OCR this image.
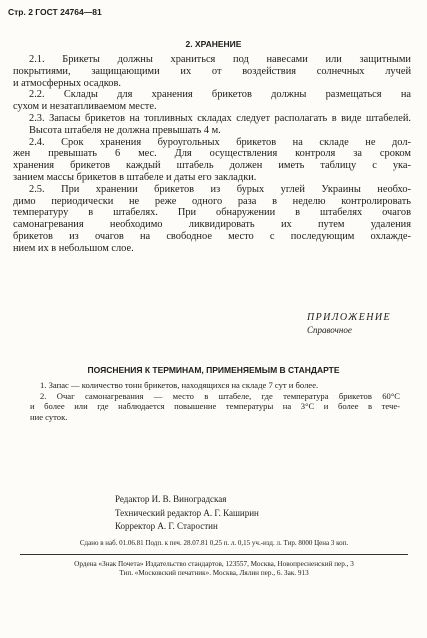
Стр. 2 ГОСТ 24764—81
2. ХРАНЕНИЕ
2.1. Брикеты должны храниться под навесами или защитными
покрытиями, защищающими их от воздействия солнечных лучей
и атмосферных осадков.
2.2. Склады для хранения брикетов должны размещаться на
сухом и незатапливаемом месте.
2.3. Запасы брикетов на топливных складах следует располагать в виде штабелей. Высота штабеля не должна превышать 4 м.
2.4. Срок хранения буроугольных брикетов на складе не дол-
жен превышать 6 мес. Для осуществления контроля за сроком
хранения брикетов каждый штабель должен иметь таблицу с ука-
занием массы брикетов в штабеле и даты его закладки.
2.5. При хранении брикетов из бурых углей Украины необхо-
димо периодически не реже одного раза в неделю контролировать
температуру в штабелях. При обнаружении в штабелях очагов
самонагревания необходимо ликвидировать их путем удаления
брикетов из очагов на свободное место с последующим охлажде-
нием их в небольшом слое.
ПРИЛОЖЕНИЕ
Справочное
ПОЯСНЕНИЯ К ТЕРМИНАМ, ПРИМЕНЯЕМЫМ В СТАНДАРТЕ
1. Запас — количество тонн брикетов, находящихся на складе 7 сут и более.
2. Очаг самонагревания — место в штабеле, где температура брикетов 60°С
и более или где наблюдается повышение температуры на 3°С и более в тече-
ние суток.
Редактор И. В. Виноградская
Технический редактор А. Г. Каширин
Корректор А. Г. Старостин
Сдано в наб. 01.06.81 Подп. к печ. 28.07.81 0,25 п. л. 0,15 уч.-изд. л. Тир. 8000 Цена 3 коп.
Ордена «Знак Почета» Издательство стандартов, 123557, Москва, Новопресненский пер., 3
Тип. «Московский печатник». Москва, Лялин пер., 6. Зак. 913
